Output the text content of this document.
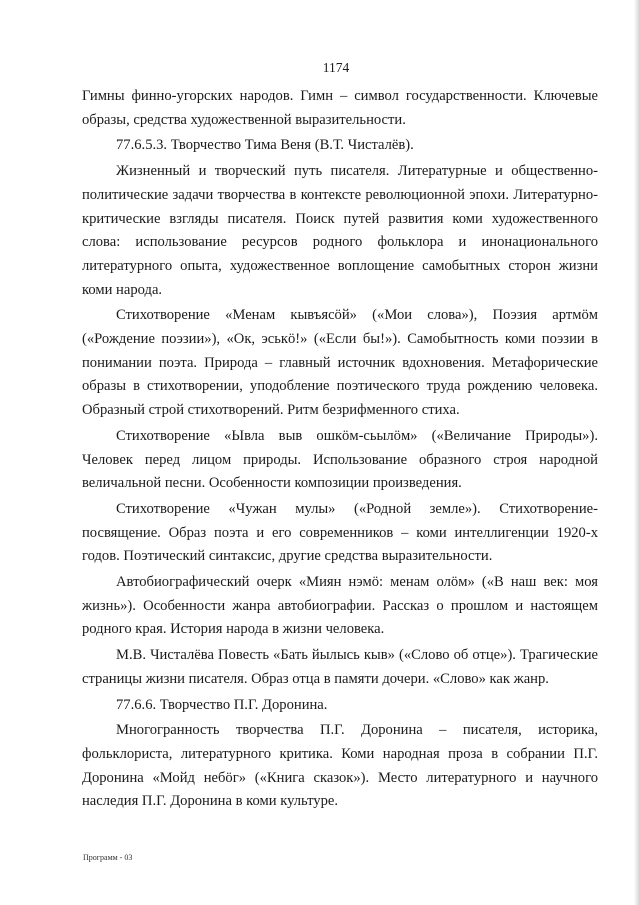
1174

Гимны финно-угорских народов. Гимн – символ государственности. Ключевые образы, средства художественной выразительности.

77.6.5.3. Творчество Тима Веня (В.Т. Чисталёв).

Жизненный и творческий путь писателя. Литературные и общественно-политические задачи творчества в контексте революционной эпохи. Литературно-критические взгляды писателя. Поиск путей развития коми художественного слова: использование ресурсов родного фольклора и инонационального литературного опыта, художественное воплощение самобытных сторон жизни коми народа.

Стихотворение «Менам кывъясöй» («Мои слова»), Поэзия артмöм («Рождение поэзии»), «Ок, эськö!» («Если бы!»). Самобытность коми поэзии в понимании поэта. Природа – главный источник вдохновения. Метафорические образы в стихотворении, уподобление поэтического труда рождению человека. Образный строй стихотворений. Ритм безрифменного стиха.

Стихотворение «Ывла выв ошкöм-сьылöм» («Величание Природы»). Человек перед лицом природы. Использование образного строя народной величальной песни. Особенности композиции произведения.

Стихотворение «Чужан мулы» («Родной земле»). Стихотворение-посвящение. Образ поэта и его современников – коми интеллигенции 1920-х годов. Поэтический синтаксис, другие средства выразительности.

Автобиографический очерк «Миян нэмö: менам олöм» («В наш век: моя жизнь»). Особенности жанра автобиографии. Рассказ о прошлом и настоящем родного края. История народа в жизни человека.

М.В. Чисталёва Повесть «Бать йылысь кыв» («Слово об отце»). Трагические страницы жизни писателя. Образ отца в памяти дочери. «Слово» как жанр.

77.6.6. Творчество П.Г. Доронина.

Многогранность творчества П.Г. Доронина – писателя, историка, фольклориста, литературного критика. Коми народная проза в собрании П.Г. Доронина «Мойд небöг» («Книга сказок»). Место литературного и научного наследия П.Г. Доронина в коми культуре.

Программ - 03
